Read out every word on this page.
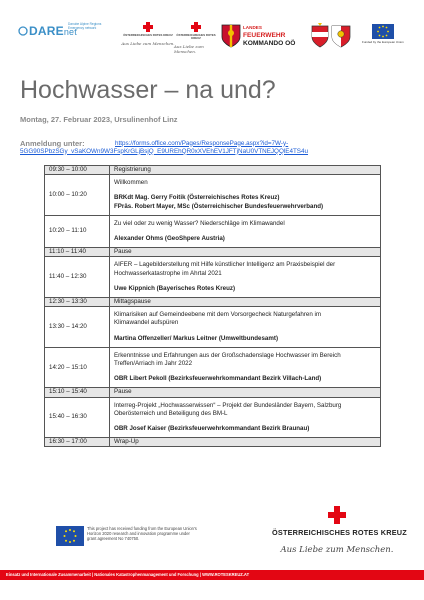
DAREnet
Danube Alpine Regions Emergency network
ÖSTERREICHISCHES ROTES KREUZ
Aus Liebe zum Menschen.
ÖSTERREICHISCHES ROTES KREUZ
Aus Liebe zum Menschen.
LANDES
FEUERWEHR
KOMMANDO OÖ	Funded by the European Union
Hochwasser – na und?
Montag, 27. Februar 2023, Ursulinenhof Linz
Anmeldung unter:	https://forms.office.com/Pages/ResponsePage.aspx?id=7W-y-
5GG90SPbzSGy_vSaKOWn9W3FspKrGLjBsjQ_E9UREhQR0xXVEhEV1JFTjNaU0VTNEJQQlE4TS4u
09:30 – 10:00	Registrierung

10:00 – 10:20	Willkommen
BRKdt Mag. Gerry Foitik (Österreichisches Rotes Kreuz)
FPräs. Robert Mayer, MSc (Österreichischer Bundesfeuerwehrverband)

10:20 – 11:10	Zu viel oder zu wenig Wasser? Niederschläge im Klimawandel
Alexander Ohms (GeoShpere Austria)

11:10 – 11:40	Pause

11:40 – 12:30	AIFER – Lagebilderstellung mit Hilfe künstlicher Intelligenz am Praxisbeispiel der
Hochwasserkatastrophe im Ahrtal 2021
Uwe Kippnich (Bayerisches Rotes Kreuz)

12:30 – 13:30	Mittagspause

13:30 – 14:20	Klimarisiken auf Gemeindeebene mit dem Vorsorgecheck Naturgefahren im
Klimawandel aufspüren
Martina Offenzeller/ Markus Leitner (Umweltbundesamt)

14:20 – 15:10	Erkenntnisse und Erfahrungen aus der Großschadenslage Hochwasser im Bereich
Treffen/Arriach im Jahr 2022
OBR Libert Pekoll (Bezirksfeuerwehrkommandant Bezirk Villach-Land)

15:10 – 15:40	Pause

15:40 – 16:30	Interreg-Projekt „Hochwasserwissen“ – Projekt der Bundesländer Bayern, Salzburg
Oberösterreich und Beteiligung des BM-L
OBR Josef Kaiser (Bezirksfeuerwehrkommandant Bezirk Braunau)

16:30 – 17:00	Wrap-Up
This project has received funding from the European Union's Horizon 2020 research and innovation programme under grant agreement No 740750.
ÖSTERREICHISCHES ROTES KREUZ
Aus Liebe zum Menschen.
Einsatz und Internationale Zusammenarbeit | Nationales Katastrophenmanagement und Forschung | WWW.ROTESKREUZ.AT
